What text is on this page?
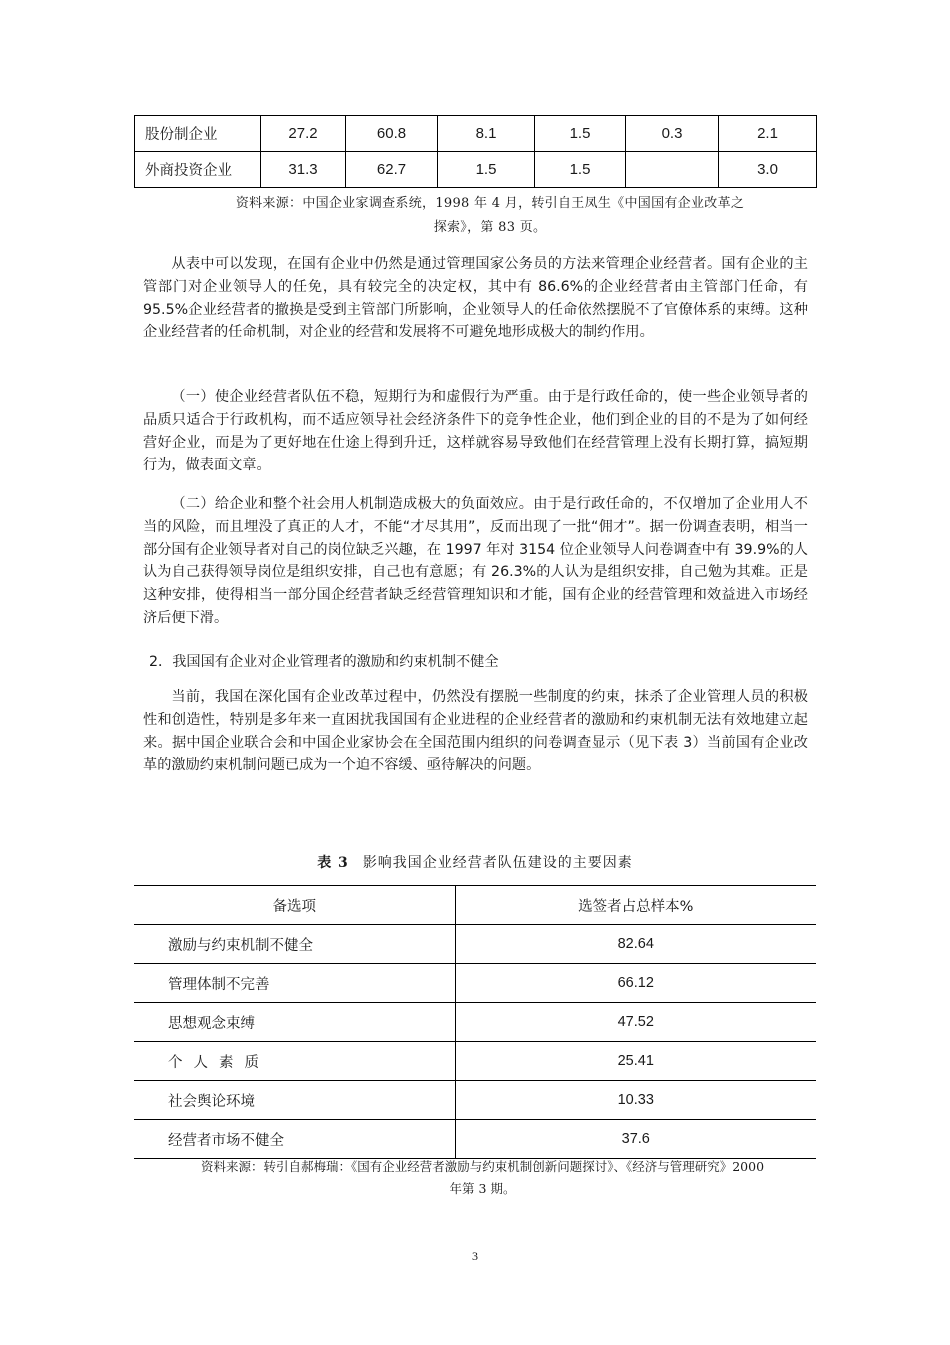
股份制企业	27.2	60.8	8.1	1.5	0.3	2.1
外商投资企业	31.3	62.7	1.5	1.5		3.0
资料来源：中国企业家调查系统，1998 年 4 月，转引自王凤生《中国国有企业改革之
探索》，第 83 页。

从表中可以发现，在国有企业中仍然是通过管理国家公务员的方法来管理企业经营者。国有企业的主管部门对企业领导人的任免，具有较完全的决定权，其中有 86.6%的企业经营者由主管部门任命，有 95.5%企业经营者的撤换是受到主管部门所影响，企业领导人的任命依然摆脱不了官僚体系的束缚。这种企业经营者的任命机制，对企业的经营和发展将不可避免地形成极大的制约作用。

（一）使企业经营者队伍不稳，短期行为和虚假行为严重。由于是行政任命的，使一些企业领导者的品质只适合于行政机构，而不适应领导社会经济条件下的竞争性企业，他们到企业的目的不是为了如何经营好企业，而是为了更好地在仕途上得到升迁，这样就容易导致他们在经营管理上没有长期打算，搞短期行为，做表面文章。

（二）给企业和整个社会用人机制造成极大的负面效应。由于是行政任命的，不仅增加了企业用人不当的风险，而且埋没了真正的人才，不能“才尽其用”，反而出现了一批“佣才”。据一份调查表明，相当一部分国有企业领导者对自己的岗位缺乏兴趣，在 1997 年对 3154 位企业领导人问卷调查中有 39.9%的人认为自己获得领导岗位是组织安排，自己也有意愿；有 26.3%的人认为是组织安排，自己勉为其难。正是这种安排，使得相当一部分国企经营者缺乏经营管理知识和才能，国有企业的经营管理和效益进入市场经济后便下滑。

2．我国国有企业对企业管理者的激励和约束机制不健全

当前，我国在深化国有企业改革过程中，仍然没有摆脱一些制度的约束，抹杀了企业管理人员的积极性和创造性，特别是多年来一直困扰我国国有企业进程的企业经营者的激励和约束机制无法有效地建立起来。据中国企业联合会和中国企业家协会在全国范围内组织的问卷调查显示（见下表 3）当前国有企业改革的激励约束机制问题已成为一个迫不容缓、亟待解决的问题。

表 3 影响我国企业经营者队伍建设的主要因素
备选项	选签者占总样本%
激励与约束机制不健全	82.64
管理体制不完善	66.12
思想观念束缚	47.52
个人素质	25.41
社会舆论环境	10.33
经营者市场不健全	37.6
资料来源：转引自郝梅瑞：《国有企业经营者激励与约束机制创新问题探讨》、《经济与管理研究》2000
年第 3 期。
3
